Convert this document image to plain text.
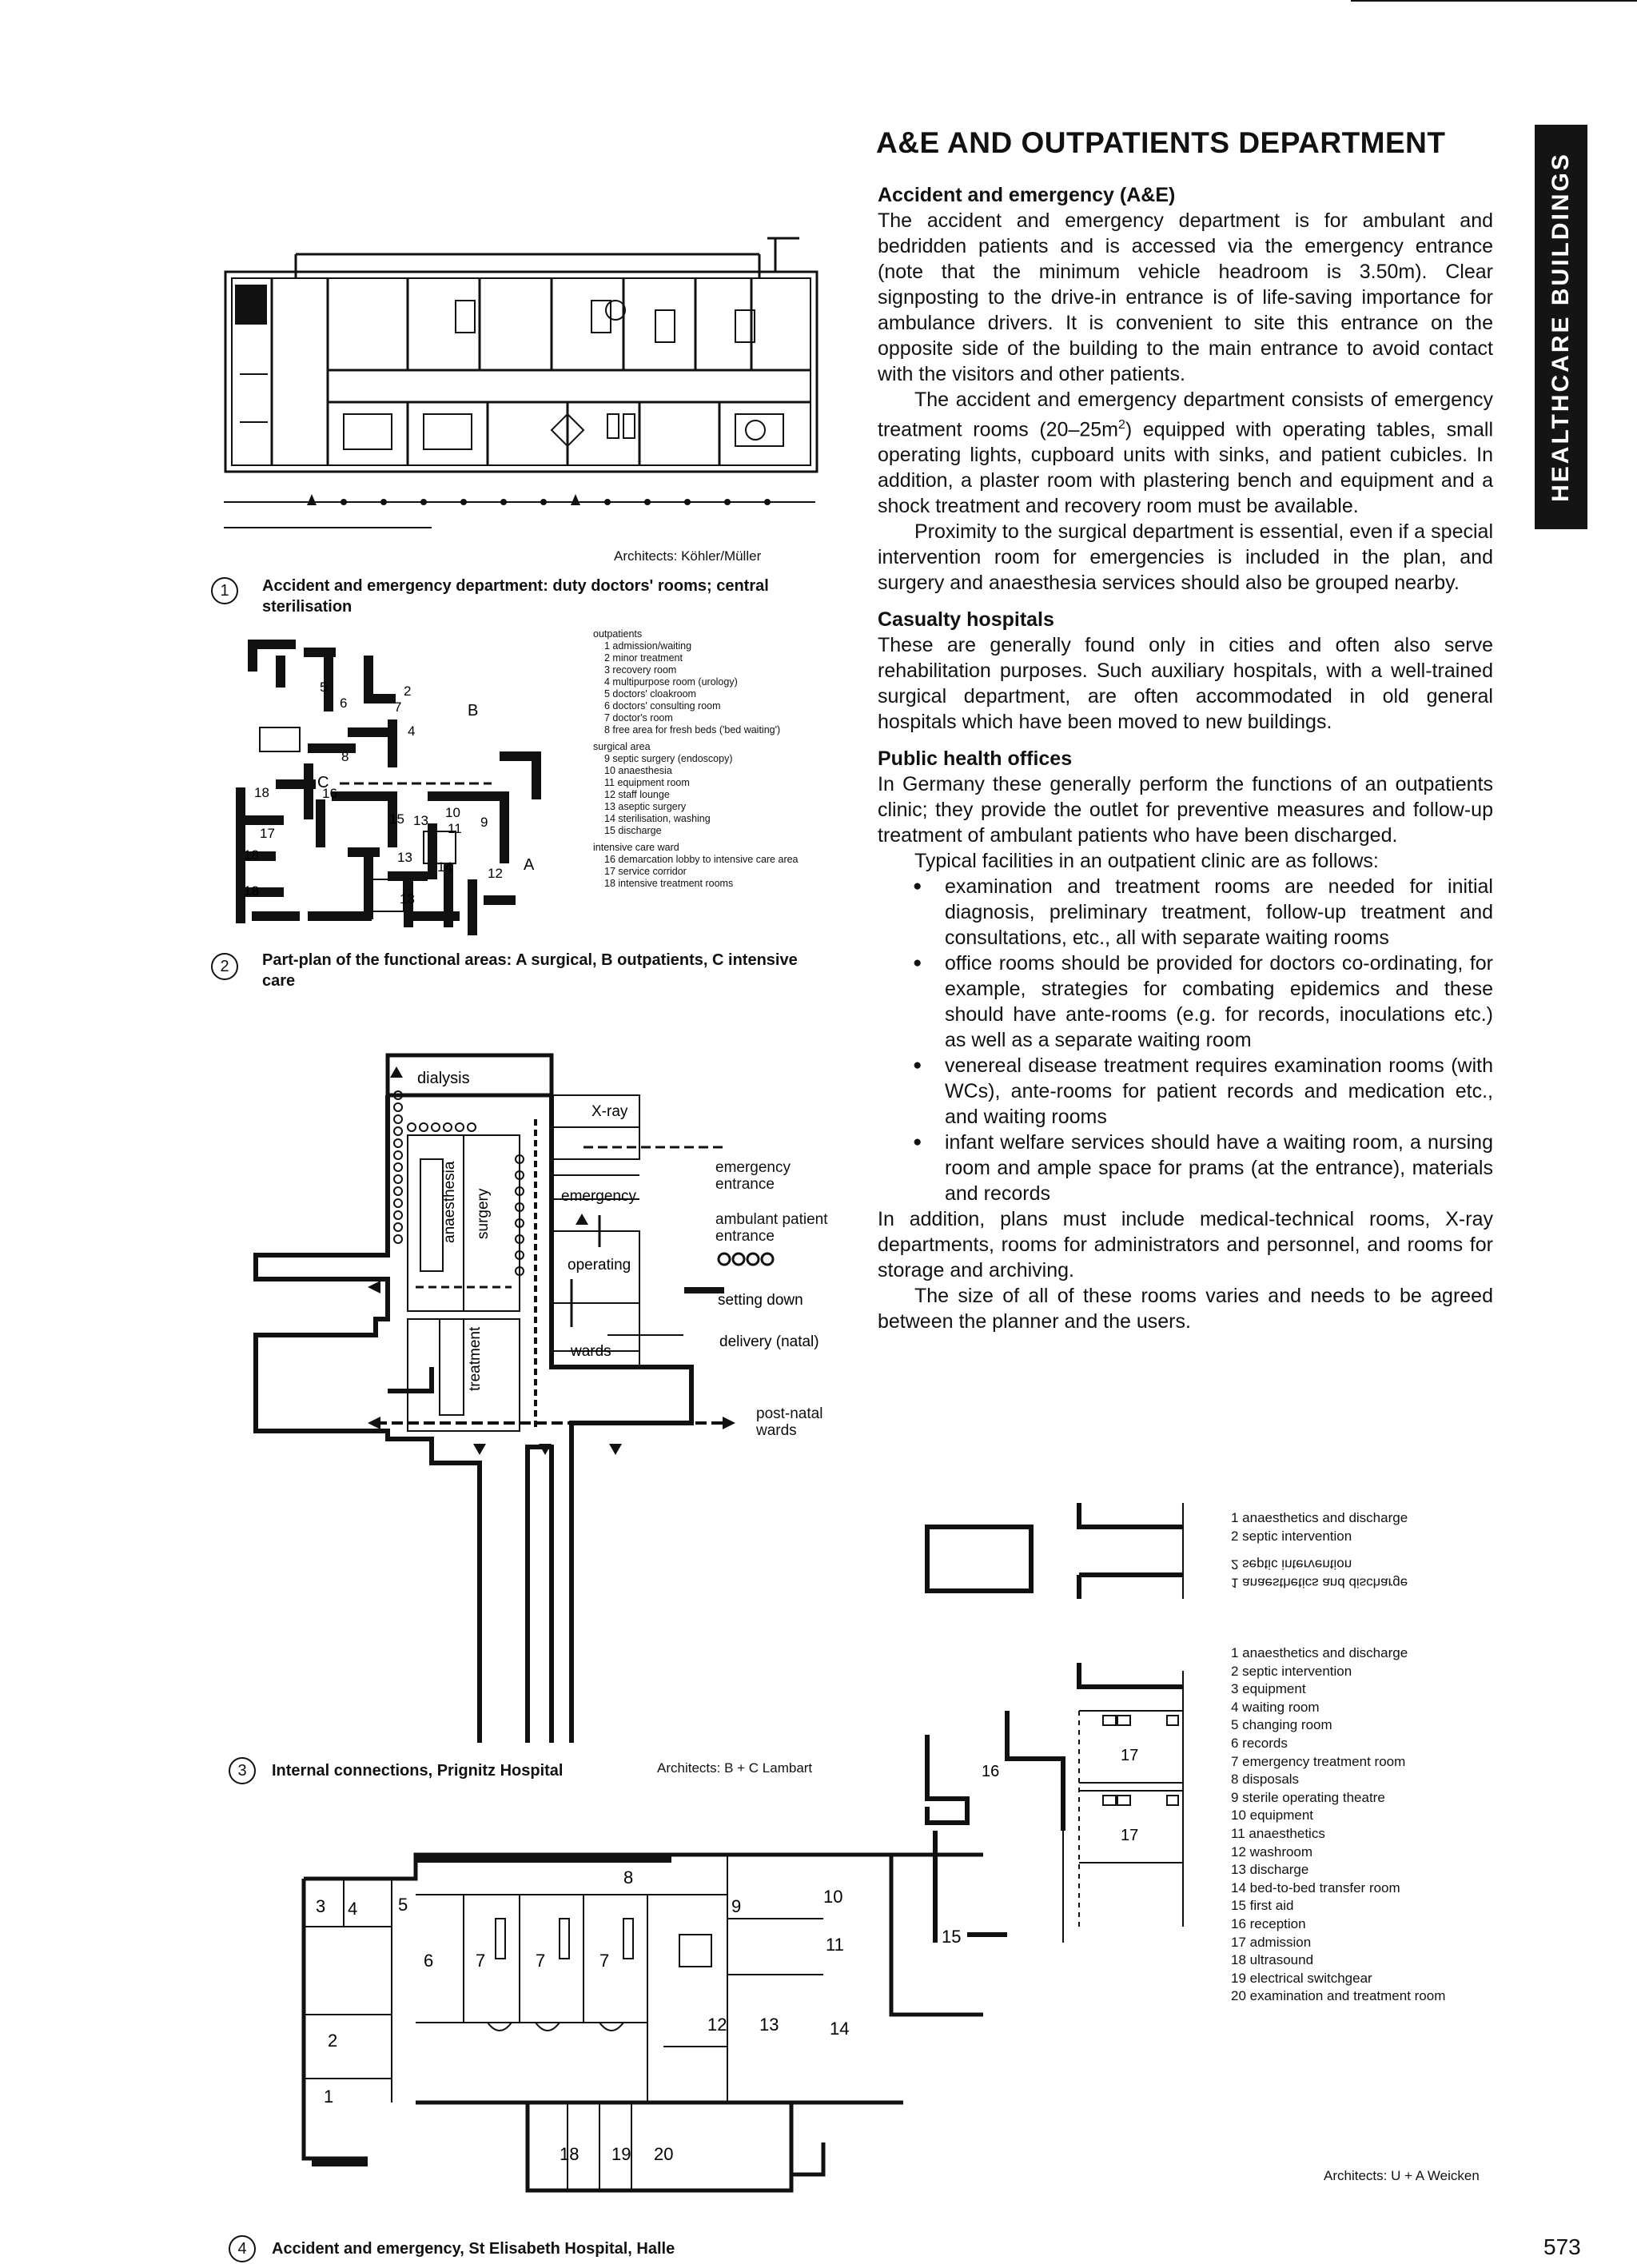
A&E AND OUTPATIENTS DEPARTMENT
HEALTHCARE BUILDINGS
Accident and emergency (A&E)

The accident and emergency department is for ambulant and bedridden patients and is accessed via the emergency entrance (note that the minimum vehicle headroom is 3.50m). Clear signposting to the drive-in entrance is of life-saving importance for ambulance drivers. It is convenient to site this entrance on the opposite side of the building to the main entrance to avoid contact with the visitors and other patients.

The accident and emergency department consists of emergency treatment rooms $(20-25m^2)$ equipped with operating tables, small operating lights, cupboard units with sinks, and patient cubicles. In addition, a plaster room with plastering bench and equipment and a shock treatment and recovery room must be available.

Proximity to the surgical department is essential, even if a special intervention room for emergencies is included in the plan, and surgery and anaesthesia services should also be grouped nearby.

Casualty hospitals

These are generally found only in cities and often also serve rehabilitation purposes. Such auxiliary hospitals, with a well-trained surgical department, are often accommodated in old general hospitals which have been moved to new buildings.

Public health offices

In Germany these generally perform the functions of an outpatients clinic; they provide the outlet for preventive measures and follow-up treatment of ambulant patients who have been discharged.

Typical facilities in an outpatient clinic are as follows:

● examination and treatment rooms are needed for initial diagnosis, preliminary treatment, follow-up treatment and consultations, etc., all with separate waiting rooms
● office rooms should be provided for doctors co-ordinating, for example, strategies for combating epidemics and these should have ante-rooms (e.g. for records, inoculations etc.) as well as a separate waiting room
● venereal disease treatment requires examination rooms (with WCs), ante-rooms for patient records and medication etc., and waiting rooms
● infant welfare services should have a waiting room, a nursing room and ample space for prams (at the entrance), materials and records

In addition, plans must include medical-technical rooms, X-ray departments, rooms for administrators and personnel, and rooms for storage and archiving.

The size of all of these rooms varies and needs to be agreed between the planner and the users.

Architects: Köhler/Müller
1	Accident and emergency department: duty doctors' rooms; central sterilisation
C
B
A
5	2
6
4
7
8
18	16
17
18
18
15 13
10
11 9
13
14	12
13
outpatients
1 admission/waiting
2 minor treatment
3 recovery room
4 multipurpose room (urology)
5 doctors' cloakroom
6 doctors' consulting room
7 doctor's room
8 free area for fresh beds ('bed waiting')
surgical area
9 septic surgery (endoscopy)
10 anaesthesia
11 equipment room
12 staff lounge
13 aseptic surgery
14 sterilisation, washing
15 discharge
intensive care ward
16 demarcation lobby to intensive care area
17 service corridor
18 intensive treatment rooms
2	Part-plan of the functional areas: A surgical, B outpatients, C intensive care
dialysis
X-ray
emergency
anaesthesia surgery
operating
treatment	wards
emergency entrance
ambulant patient entrance
setting down
delivery (natal)
post-natal wards
3	Internal connections, Prignitz Hospital	Architects: B + C Lambart	16
17
17
1 anaesthetics and discharge
2 septic intervention
2 septic intervention
1 anaesthetics and discharge
1 anaesthetics and discharge
2 septic intervention
3 equipment
4 waiting room
5 changing room
6 records
7 emergency treatment room
8 disposals
9 sterile operating theatre
10 equipment
11 anaesthetics
12 washroom
13 discharge
14 bed-to-bed transfer room
15 first aid
16 reception
17 admission
18 ultrasound
19 electrical switchgear
20 examination and treatment room
3 4 5
8
9	10
11	15
6 7	7	7
2
12 13	14
1
18 19 20
Architects: U + A Weicken
4	Accident and emergency, St Elisabeth Hospital, Halle	573
